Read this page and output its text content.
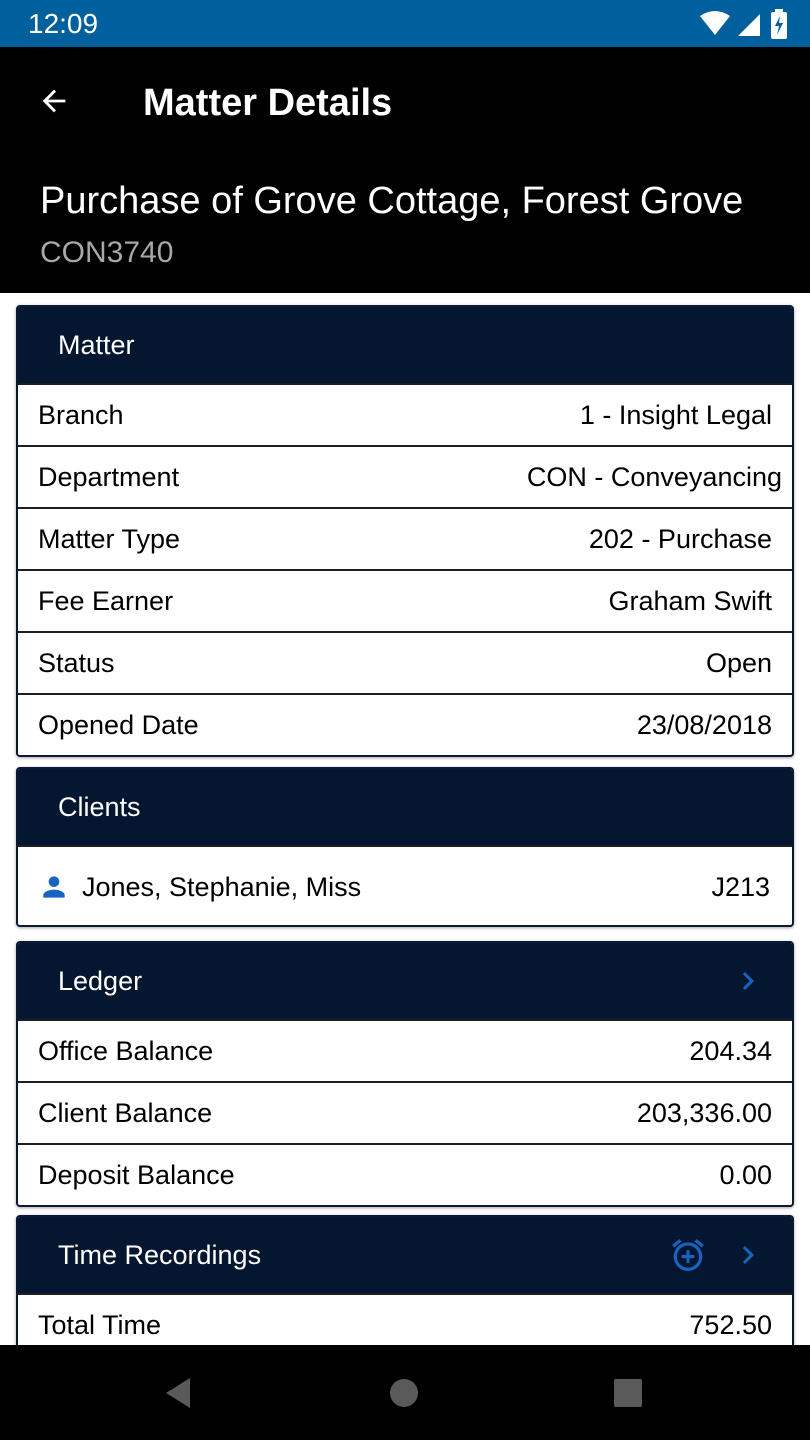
12:09
Matter Details
Purchase of Grove Cottage, Forest Grove
CON3740
Matter
Branch	1 - Insight Legal
Department	CON - Conveyancing
Matter Type	202 - Purchase
Fee Earner	Graham Swift
Status	Open
Opened Date	23/08/2018
Clients
Jones, Stephanie, Miss	J213
Ledger
Office Balance	204.34
Client Balance	203,336.00
Deposit Balance	0.00
Time Recordings
Total Time	752.50
